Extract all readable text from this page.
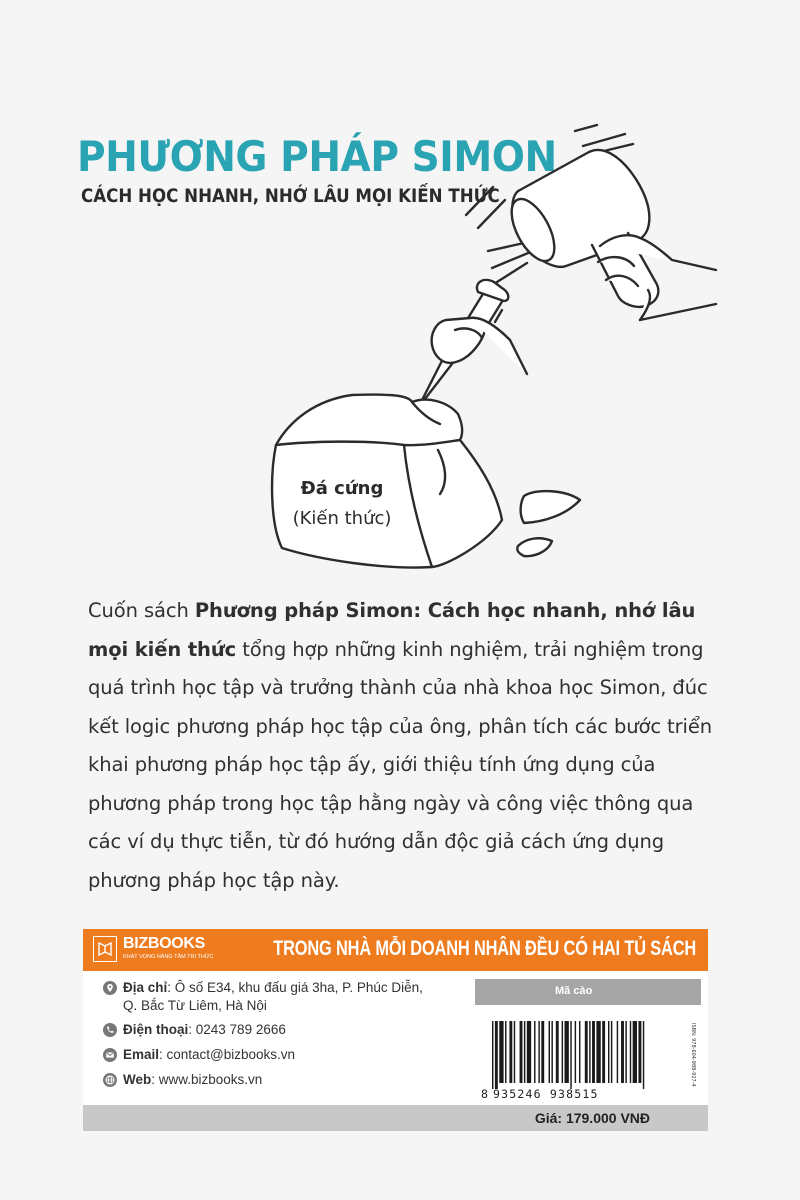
PHƯƠNG PHÁP SIMON
CÁCH HỌC NHANH, NHỚ LÂU MỌI KIẾN THỨC
Đá cứng
(Kiến thức)

Cuốn sách Phương pháp Simon: Cách học nhanh, nhớ lâu mọi kiến thức tổng hợp những kinh nghiệm, trải nghiệm trong quá trình học tập và trưởng thành của nhà khoa học Simon, đúc kết logic phương pháp học tập của ông, phân tích các bước triển khai phương pháp học tập ấy, giới thiệu tính ứng dụng của phương pháp trong học tập hằng ngày và công việc thông qua các ví dụ thực tiễn, từ đó hướng dẫn độc giả cách ứng dụng phương pháp học tập này.

BIZBOOKS
KHÁT VỌNG NÂNG TẦM TRI THỨC	TRONG NHÀ MỖI DOANH NHÂN ĐỀU CÓ HAI TỦ SÁCH
Địa chỉ: Ô số E34, khu đấu giá 3ha, P. Phúc Diễn,
Q. Bắc Từ Liêm, Hà Nội
Điện thoại: 0243 789 2666
Email: contact@bizbooks.vn
Web: www.bizbooks.vn
Mã cào
ISBN: 978-604-988-927-4
8 935246 938515
Giá: 179.000 VNĐ
